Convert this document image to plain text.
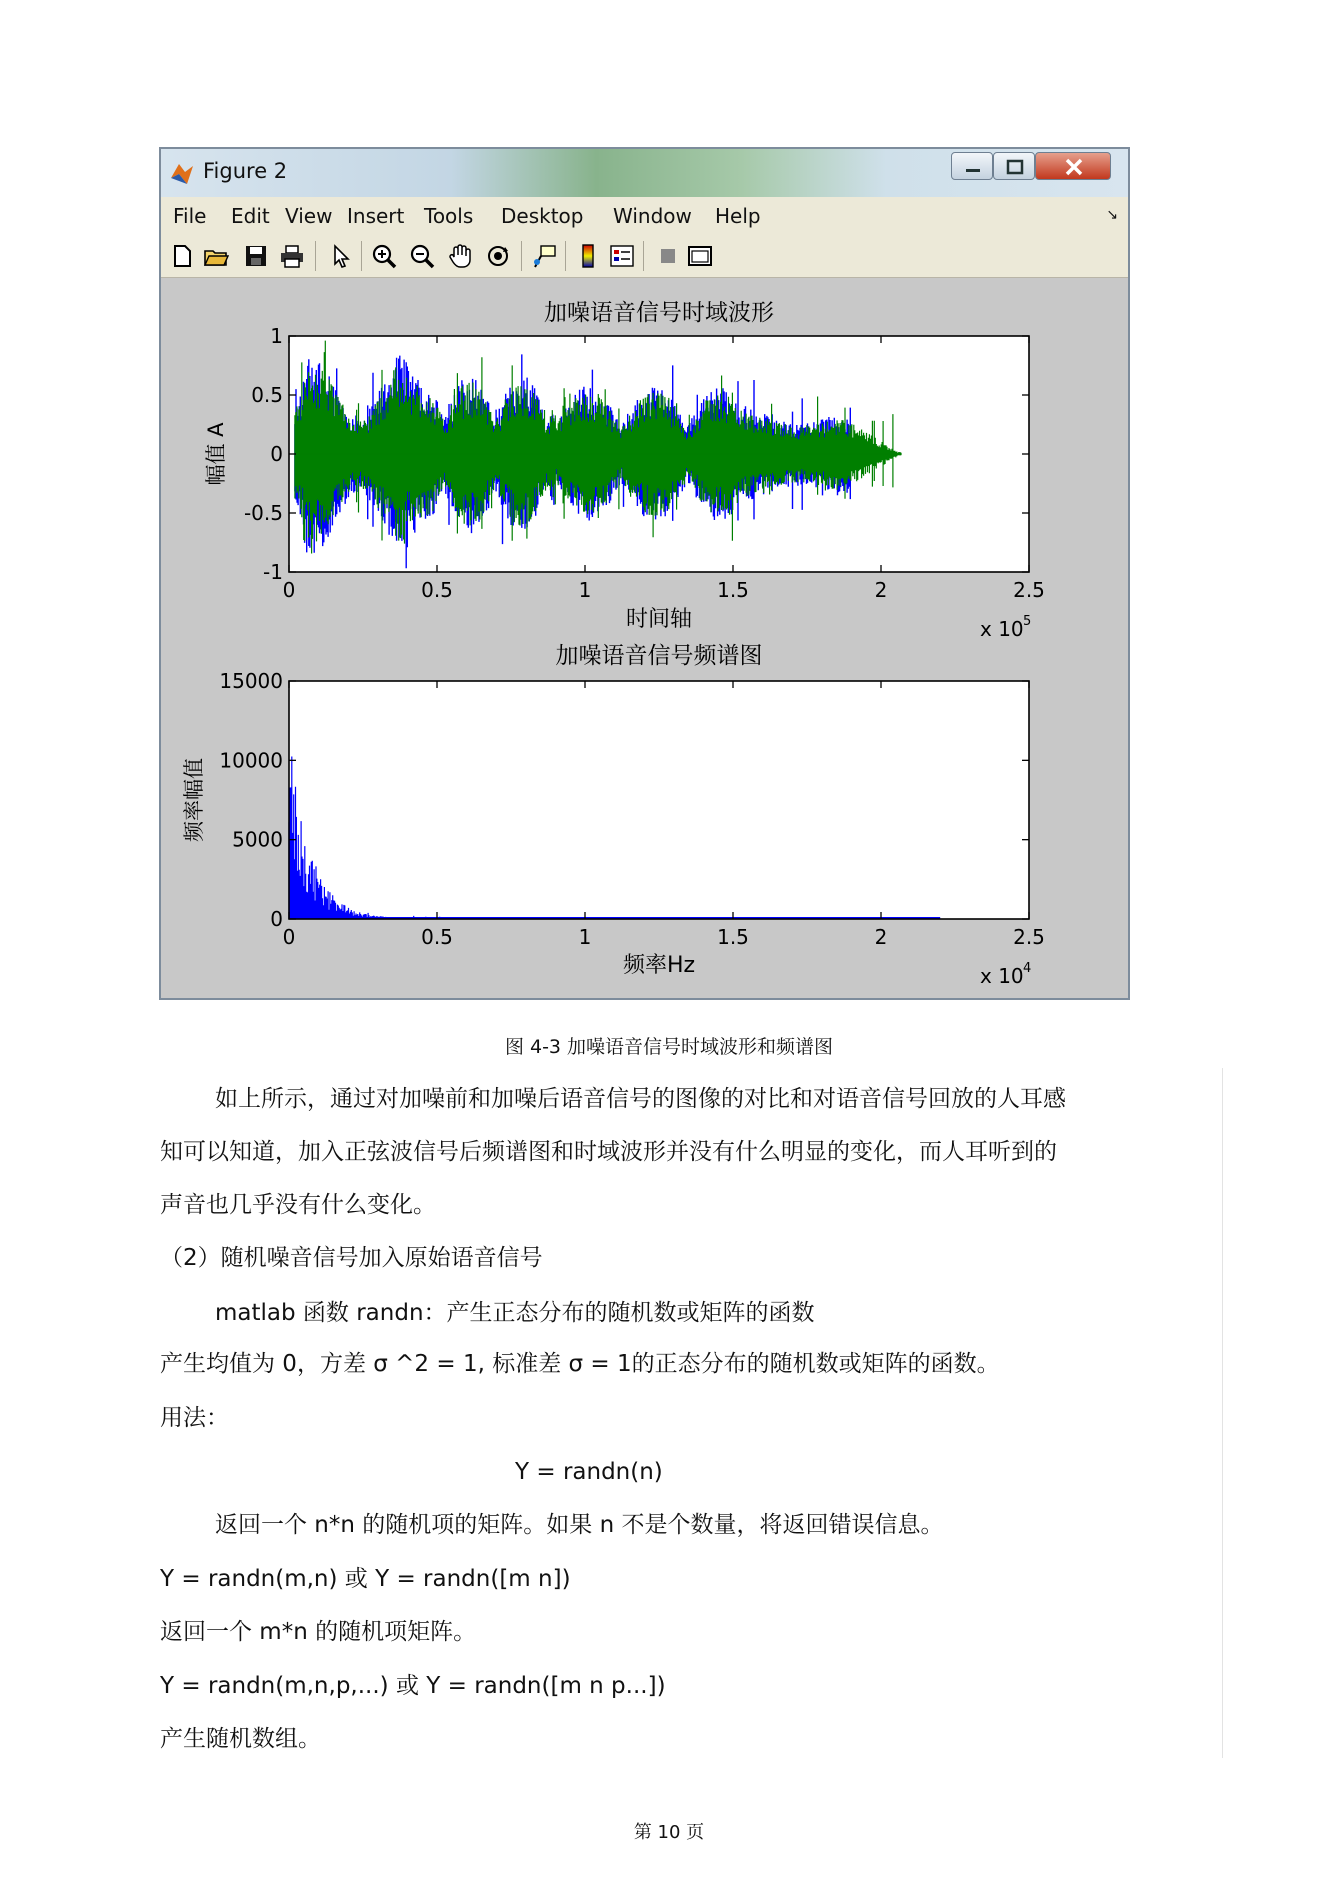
Figure 2
File Edit View Insert Tools Desktop Window Help	↘
加噪语音信号时域波形
0	0.5	1	1.5	2	2.5
1
0.5
0
-0.5
-1
时间轴
幅值 A
x 10 5
加噪语音信号频谱图
0	0.5	1	1.5	2	2.5
15000
10000
5000
0
频率Hz
频率幅值
x 10 4
图 4-3 加噪语音信号时域波形和频谱图
如上所示，通过对加噪前和加噪后语音信号的图像的对比和对语音信号回放的人耳感
知可以知道，加入正弦波信号后频谱图和时域波形并没有什么明显的变化，而人耳听到的
声音也几乎没有什么变化。
（2）随机噪音信号加入原始语音信号
matlab 函数 randn：产生正态分布的随机数或矩阵的函数
产生均值为 0，方差 σ ^2 = 1, 标准差 σ = 1的正态分布的随机数或矩阵的函数。
用法：
Y = randn(n)
返回一个 n*n 的随机项的矩阵。如果 n 不是个数量，将返回错误信息。
Y = randn(m,n) 或 Y = randn([m n])
返回一个 m*n 的随机项矩阵。
Y = randn(m,n,p,...) 或 Y = randn([m n p...])
产生随机数组。
第 10 页
